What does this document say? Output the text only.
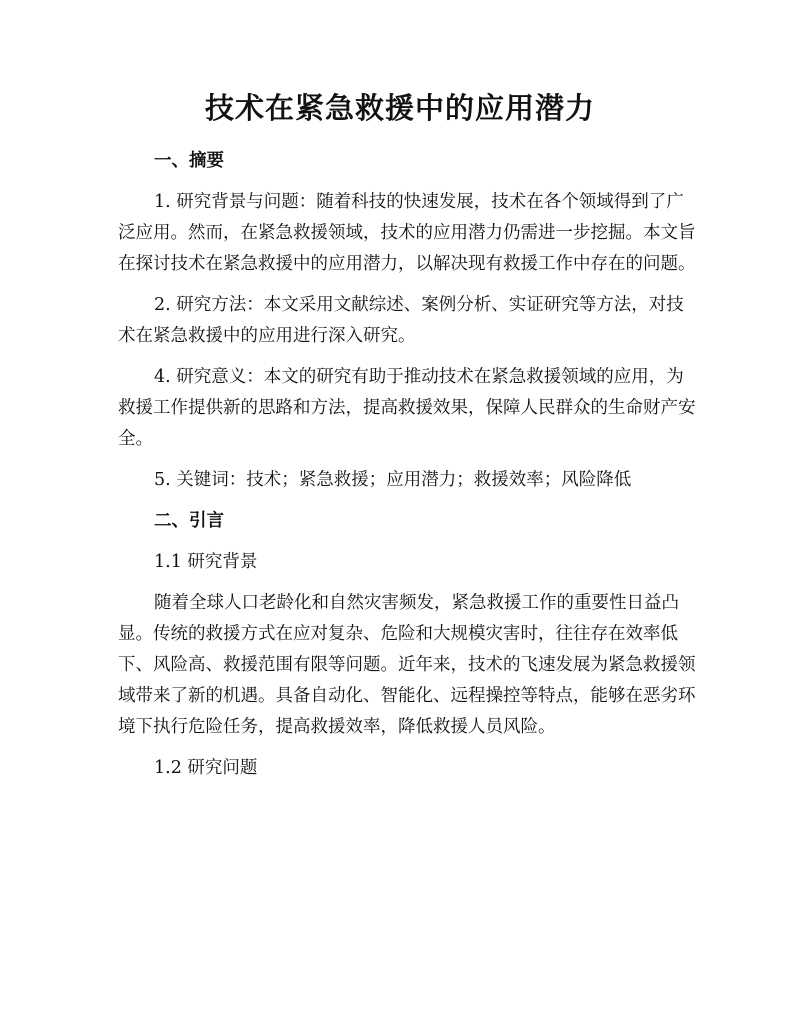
技术在紧急救援中的应用潜力
一、摘要

1. 研究背景与问题：随着科技的快速发展，技术在各个领域得到了广泛应用。然而，在紧急救援领域，技术的应用潜力仍需进一步挖掘。本文旨在探讨技术在紧急救援中的应用潜力，以解决现有救援工作中存在的问题。

2. 研究方法：本文采用文献综述、案例分析、实证研究等方法，对技术在紧急救援中的应用进行深入研究。

4. 研究意义：本文的研究有助于推动技术在紧急救援领域的应用，为救援工作提供新的思路和方法，提高救援效果，保障人民群众的生命财产安全。

5. 关键词：技术；紧急救援；应用潜力；救援效率；风险降低

二、引言

1.1 研究背景

随着全球人口老龄化和自然灾害频发，紧急救援工作的重要性日益凸显。传统的救援方式在应对复杂、危险和大规模灾害时，往往存在效率低下、风险高、救援范围有限等问题。近年来，技术的飞速发展为紧急救援领域带来了新的机遇。具备自动化、智能化、远程操控等特点，能够在恶劣环境下执行危险任务，提高救援效率，降低救援人员风险。

1.2 研究问题
